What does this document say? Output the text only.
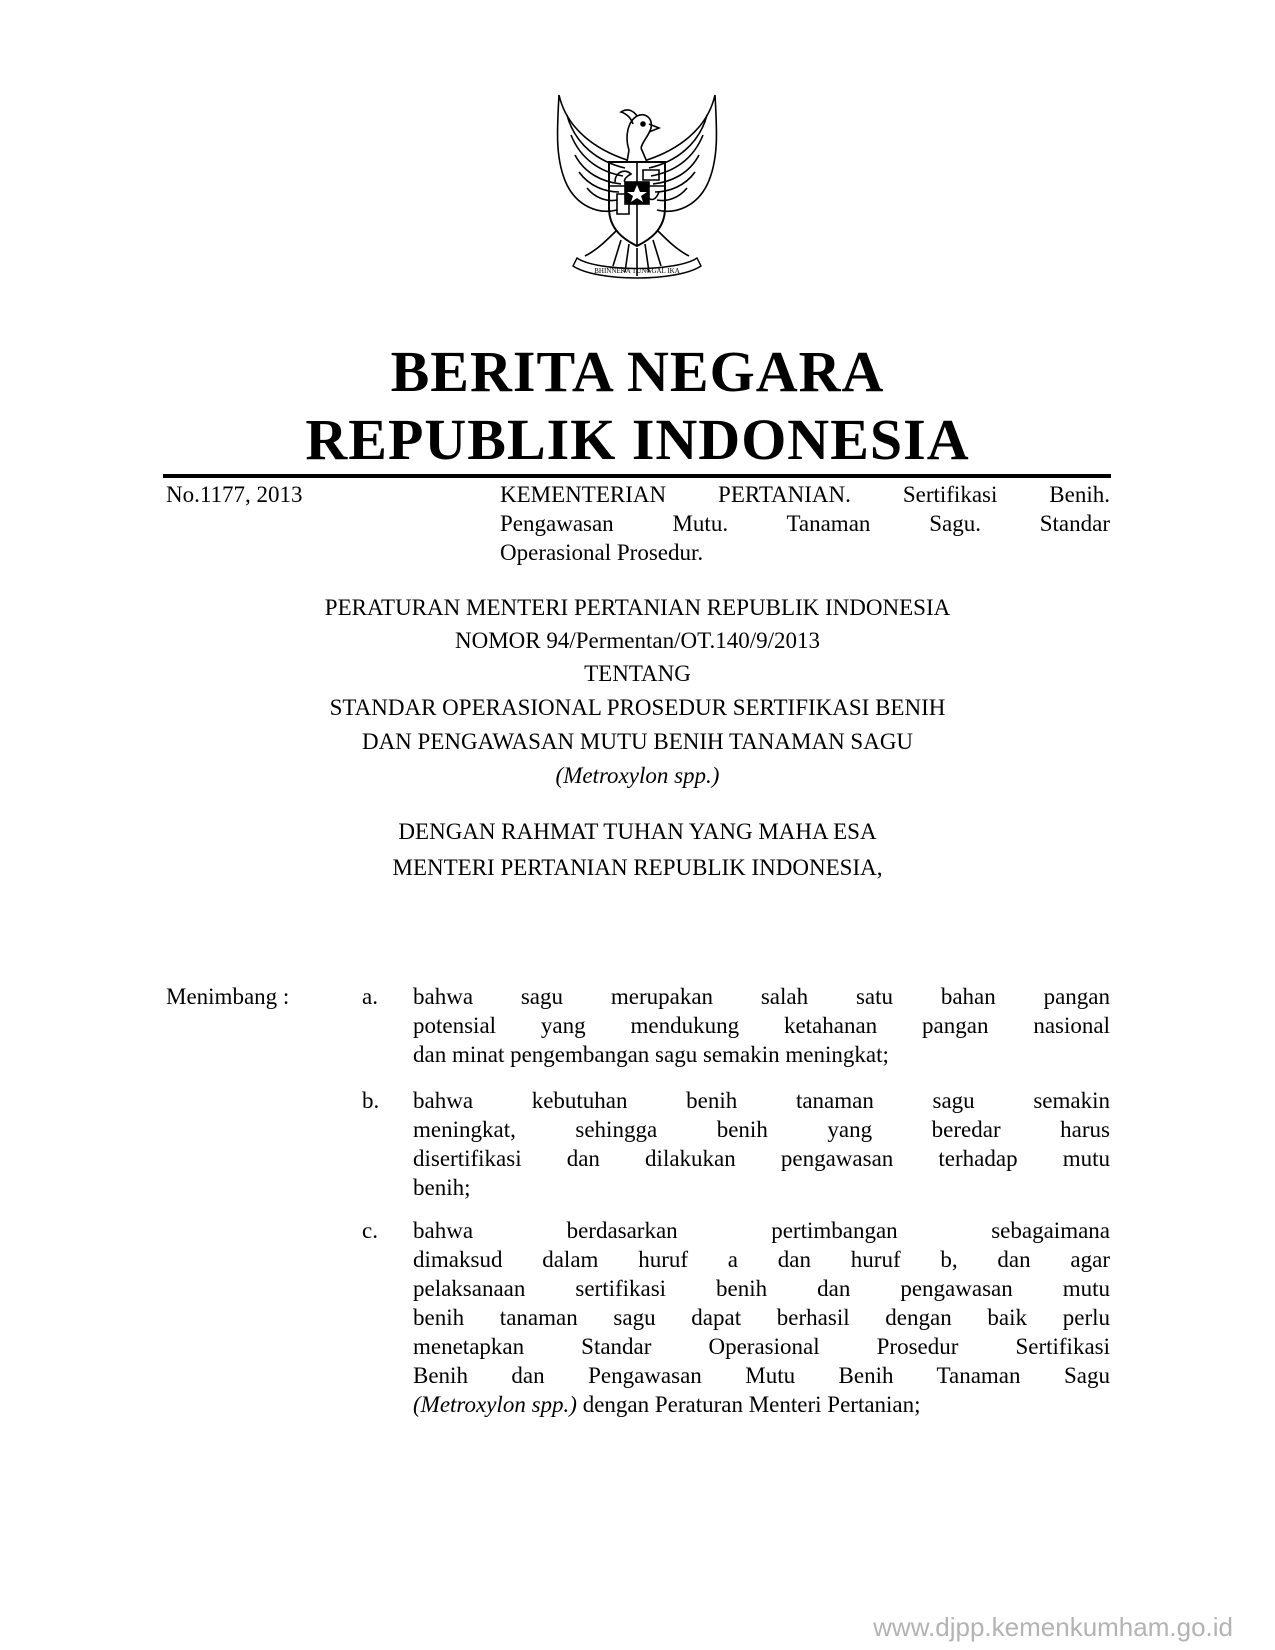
BHINNEKA TUNGGAL IKA
BERITA NEGARA
REPUBLIK INDONESIA
No.1177, 2013	KEMENTERIAN PERTANIAN. Sertifikasi Benih.
Pengawasan Mutu. Tanaman Sagu. Standar
Operasional Prosedur.
PERATURAN MENTERI PERTANIAN REPUBLIK INDONESIA
NOMOR 94/Permentan/OT.140/9/2013
TENTANG
STANDAR OPERASIONAL PROSEDUR SERTIFIKASI BENIH
DAN PENGAWASAN MUTU BENIH TANAMAN SAGU
(Metroxylon spp.)
DENGAN RAHMAT TUHAN YANG MAHA ESA
MENTERI PERTANIAN REPUBLIK INDONESIA,
Menimbang :	a.	bahwa sagu merupakan salah satu bahan pangan
potensial yang mendukung ketahanan pangan nasional
dan minat pengembangan sagu semakin meningkat;
b.	bahwa kebutuhan benih tanaman sagu semakin
meningkat, sehingga benih yang beredar harus
disertifikasi dan dilakukan pengawasan terhadap mutu
benih;
c.	bahwa berdasarkan pertimbangan sebagaimana
dimaksud dalam huruf a dan huruf b, dan agar
pelaksanaan sertifikasi benih dan pengawasan mutu
benih tanaman sagu dapat berhasil dengan baik perlu
menetapkan Standar Operasional Prosedur Sertifikasi
Benih dan Pengawasan Mutu Benih Tanaman Sagu
(Metroxylon spp.) dengan Peraturan Menteri Pertanian;
www.djpp.kemenkumham.go.id
